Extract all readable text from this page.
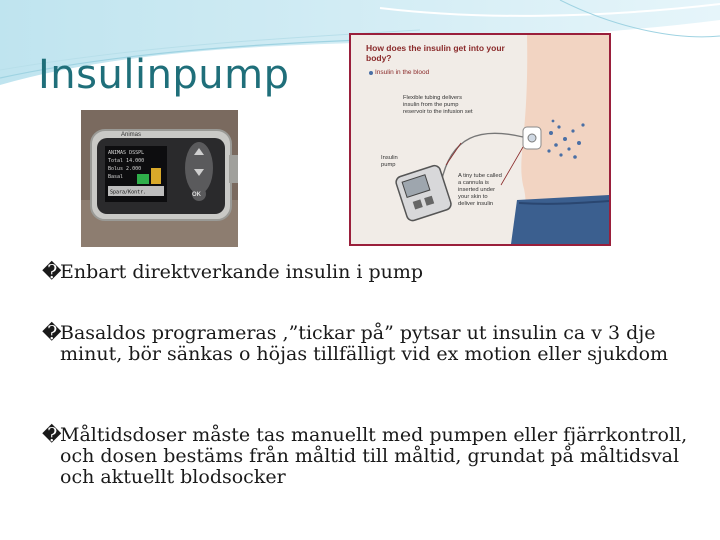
Insulinpump
Animas
ANIMAS DSSPL
Total 14.000
Bolus 2.000
Basal
Spara/Kontr.	OK
How does the insulin get into your body?
Insulin in the blood
Flexible tubing delivers
insulin from the pump
reservoir to the infusion set
Insulin
pump
A tiny tube called
a cannula is
inserted under
your skin to
deliver insulin
�
Enbart direktverkande insulin i pump
�
Basaldos programeras ,”tickar på” pytsar ut insulin ca v 3 dje minut, bör sänkas o höjas tillfälligt vid ex motion eller sjukdom
�
Måltidsdoser måste tas manuellt med pumpen eller fjärrkontroll, och dosen bestäms från måltid till måltid, grundat på måltidsval och aktuellt blodsocker
